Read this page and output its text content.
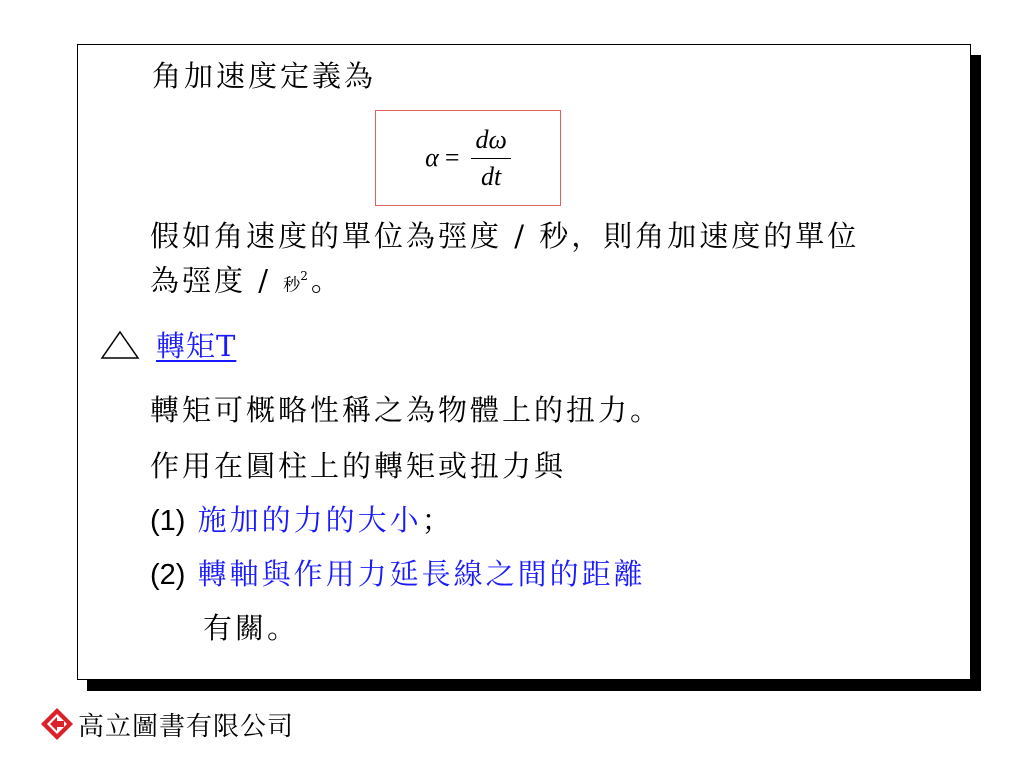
角加速度定義為
$\alpha = \frac{d\omega}{dt}$
假如角速度的單位為弳度 / 秒，則角加速度的單位
為弳度 / 秒$^2$。
轉矩T
轉矩可概略性稱之為物體上的扭力。
作用在圓柱上的轉矩或扭力與
(1) 施加的力的大小；
(2) 轉軸與作用力延長線之間的距離
有關。
高立圖書有限公司
